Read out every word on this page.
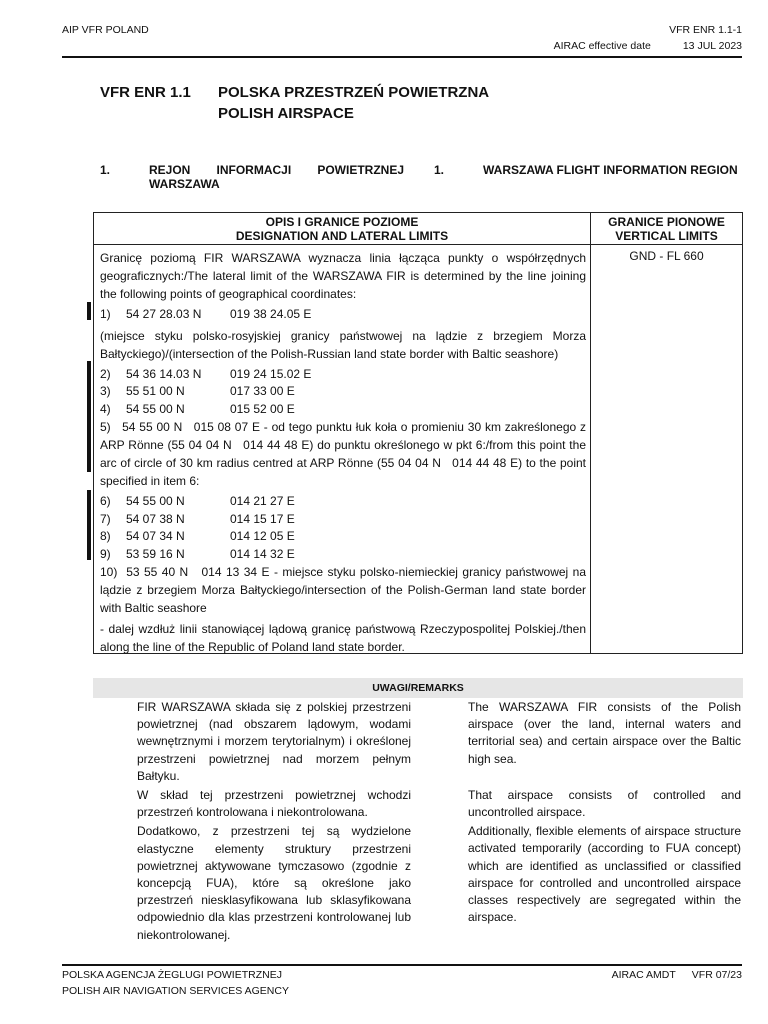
AIP VFR POLAND	VFR ENR 1.1-1
AIRAC effective date	13 JUL 2023
VFR ENR 1.1 POLSKA PRZESTRZEŃ POWIETRZNA
POLISH AIRSPACE
1.	REJON INFORMACJI POWIETRZNEJ
WARSZAWA
1.	WARSZAWA FLIGHT INFORMATION REGION
OPIS I GRANICE POZIOME
DESIGNATION AND LATERAL LIMITS
GRANICE PIONOWE
VERTICAL LIMITS
GND - FL 660

Granicę poziomą FIR WARSZAWA wyznacza linia łącząca punkty o współrzędnych geograficznych:/The lateral limit of the WARSZAWA FIR is determined by the line joining the following points of geographical coordinates:

1)	54 27 28.03 N	019 38 24.05 E

(miejsce styku polsko-rosyjskiej granicy państwowej na lądzie z brzegiem Morza Bałtyckiego)/(intersection of the Polish-Russian land state border with Baltic seashore)

2)	54 36 14.03 N	019 24 15.02 E
3)	55 51 00 N	017 33 00 E
4)	54 55 00 N	015 52 00 E

5)   54 55 00 N   015 08 07 E - od tego punktu łuk koła o promieniu 30 km zakreślonego z ARP Rönne (55 04 04 N   014 44 48 E) do punktu określonego w pkt 6:/from this point the arc of circle of 30 km radius centred at ARP Rönne (55 04 04 N   014 44 48 E) to the point specified in item 6:

6)	54 55 00 N	014 21 27 E
7)	54 07 38 N	014 15 17 E
8)	54 07 34 N	014 12 05 E
9)	53 59 16 N	014 14 32 E

10)  53 55 40 N   014 13 34 E - miejsce styku polsko-niemieckiej granicy państwowej na lądzie z brzegiem Morza Bałtyckiego/intersection of the Polish-German land state border with Baltic seashore

- dalej wzdłuż linii stanowiącej lądową granicę państwową Rzeczypospolitej Polskiej./then along the line of the Republic of Poland land state border.

UWAGI/REMARKS

FIR WARSZAWA składa się z polskiej przestrzeni powietrznej (nad obszarem lądowym, wodami wewnętrznymi i morzem terytorialnym) i określonej przestrzeni powietrznej nad morzem pełnym Bałtyku.

W skład tej przestrzeni powietrznej wchodzi przestrzeń kontrolowana i niekontrolowana.

Dodatkowo, z przestrzeni tej są wydzielone elastyczne elementy struktury przestrzeni powietrznej aktywowane tymczasowo (zgodnie z koncepcją FUA), które są określone jako przestrzeń niesklasyfikowana lub sklasyfikowana odpowiednio dla klas przestrzeni kontrolowanej lub niekontrolowanej.

The WARSZAWA FIR consists of the Polish airspace (over the land, internal waters and territorial sea) and certain airspace over the Baltic high sea.

That airspace consists of controlled and uncontrolled airspace.

Additionally, flexible elements of airspace structure activated temporarily (according to FUA concept) which are identified as unclassified or classified airspace for controlled and uncontrolled airspace classes respectively are segregated within the airspace.

POLSKA AGENCJA ŻEGLUGI POWIETRZNEJ
POLISH AIR NAVIGATION SERVICES AGENCY
AIRAC AMDT VFR 07/23
